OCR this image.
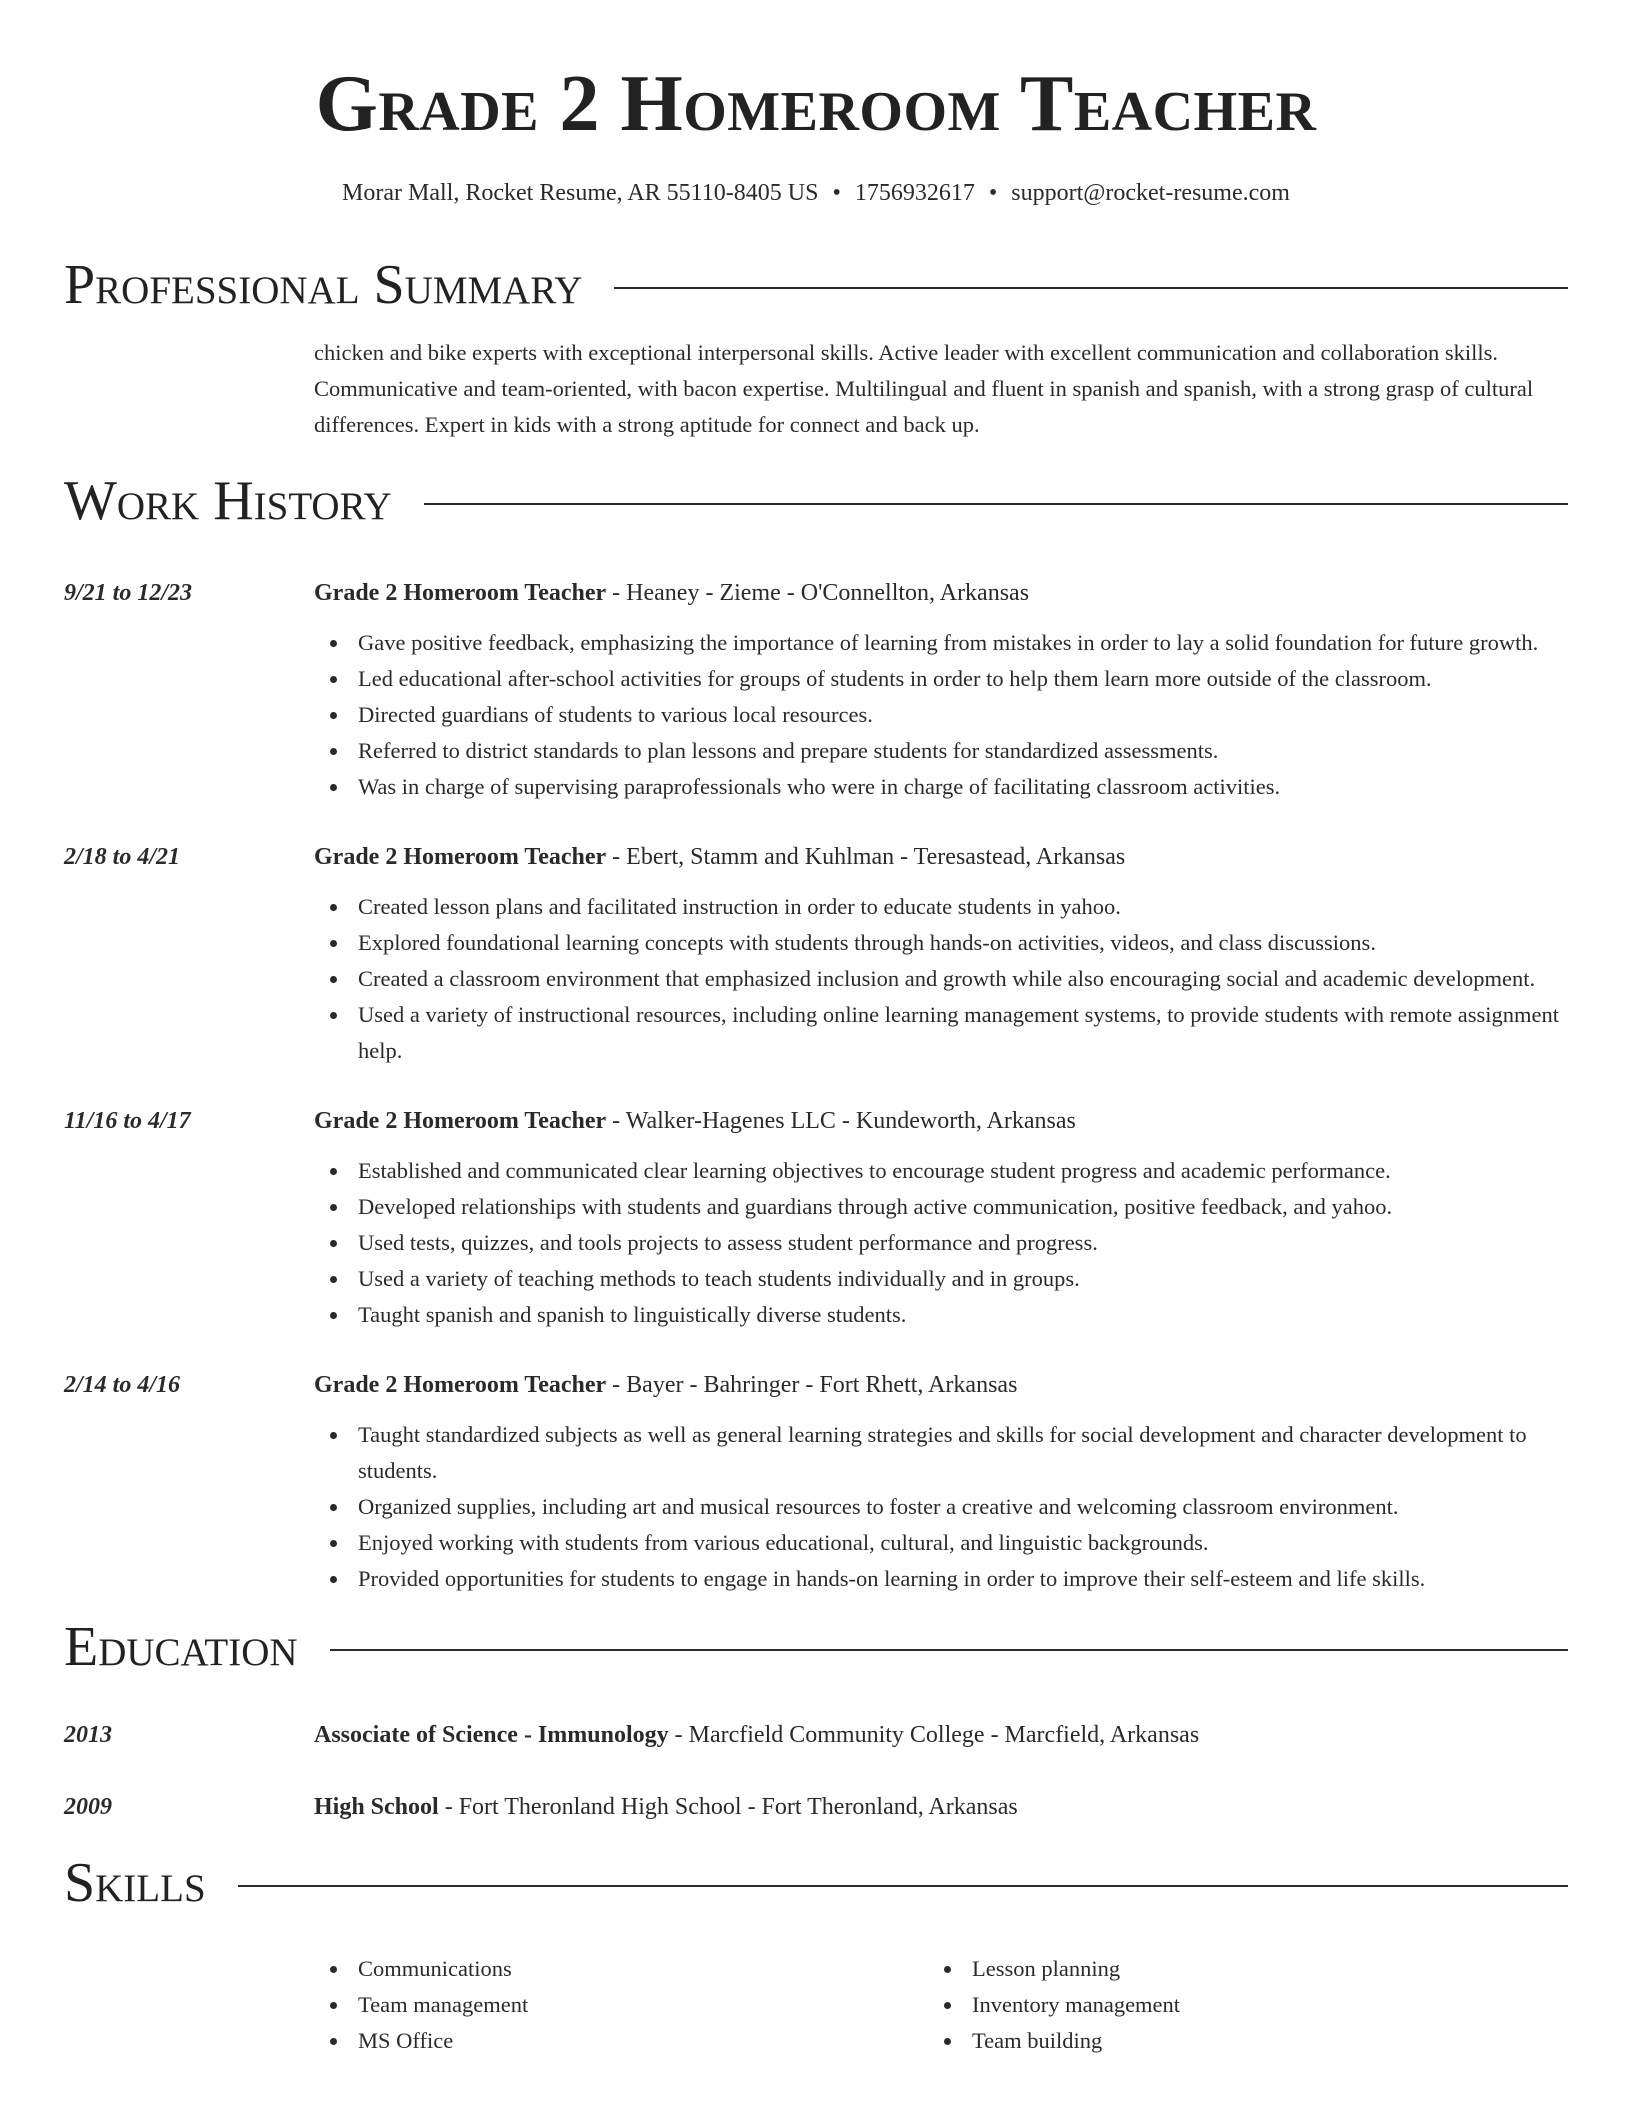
Grade 2 Homeroom Teacher
Morar Mall, Rocket Resume, AR 55110-8405 US • 1756932617 • support@rocket-resume.com
Professional Summary

chicken and bike experts with exceptional interpersonal skills. Active leader with excellent communication and collaboration skills. Communicative and team-oriented, with bacon expertise. Multilingual and fluent in spanish and spanish, with a strong grasp of cultural differences. Expert in kids with a strong aptitude for connect and back up.

Work History
9/21 to 12/23	Grade 2 Homeroom Teacher - Heaney - Zieme - O'Connellton, Arkansas
Gave positive feedback, emphasizing the importance of learning from mistakes in order to lay a solid foundation for future growth.
Led educational after-school activities for groups of students in order to help them learn more outside of the classroom.
Directed guardians of students to various local resources.
Referred to district standards to plan lessons and prepare students for standardized assessments.
Was in charge of supervising paraprofessionals who were in charge of facilitating classroom activities.
2/18 to 4/21	Grade 2 Homeroom Teacher - Ebert, Stamm and Kuhlman - Teresastead, Arkansas
Created lesson plans and facilitated instruction in order to educate students in yahoo.
Explored foundational learning concepts with students through hands-on activities, videos, and class discussions.
Created a classroom environment that emphasized inclusion and growth while also encouraging social and academic development.
Used a variety of instructional resources, including online learning management systems, to provide students with remote assignment help.
11/16 to 4/17	Grade 2 Homeroom Teacher - Walker-Hagenes LLC - Kundeworth, Arkansas
Established and communicated clear learning objectives to encourage student progress and academic performance.
Developed relationships with students and guardians through active communication, positive feedback, and yahoo.
Used tests, quizzes, and tools projects to assess student performance and progress.
Used a variety of teaching methods to teach students individually and in groups.
Taught spanish and spanish to linguistically diverse students.
2/14 to 4/16	Grade 2 Homeroom Teacher - Bayer - Bahringer - Fort Rhett, Arkansas
Taught standardized subjects as well as general learning strategies and skills for social development and character development to students.
Organized supplies, including art and musical resources to foster a creative and welcoming classroom environment.
Enjoyed working with students from various educational, cultural, and linguistic backgrounds.
Provided opportunities for students to engage in hands-on learning in order to improve their self-esteem and life skills.
Education
2013	Associate of Science - Immunology - Marcfield Community College - Marcfield, Arkansas
2009	High School - Fort Theronland High School - Fort Theronland, Arkansas
Skills
Communications
Team management
MS Office
Lesson planning
Inventory management
Team building
